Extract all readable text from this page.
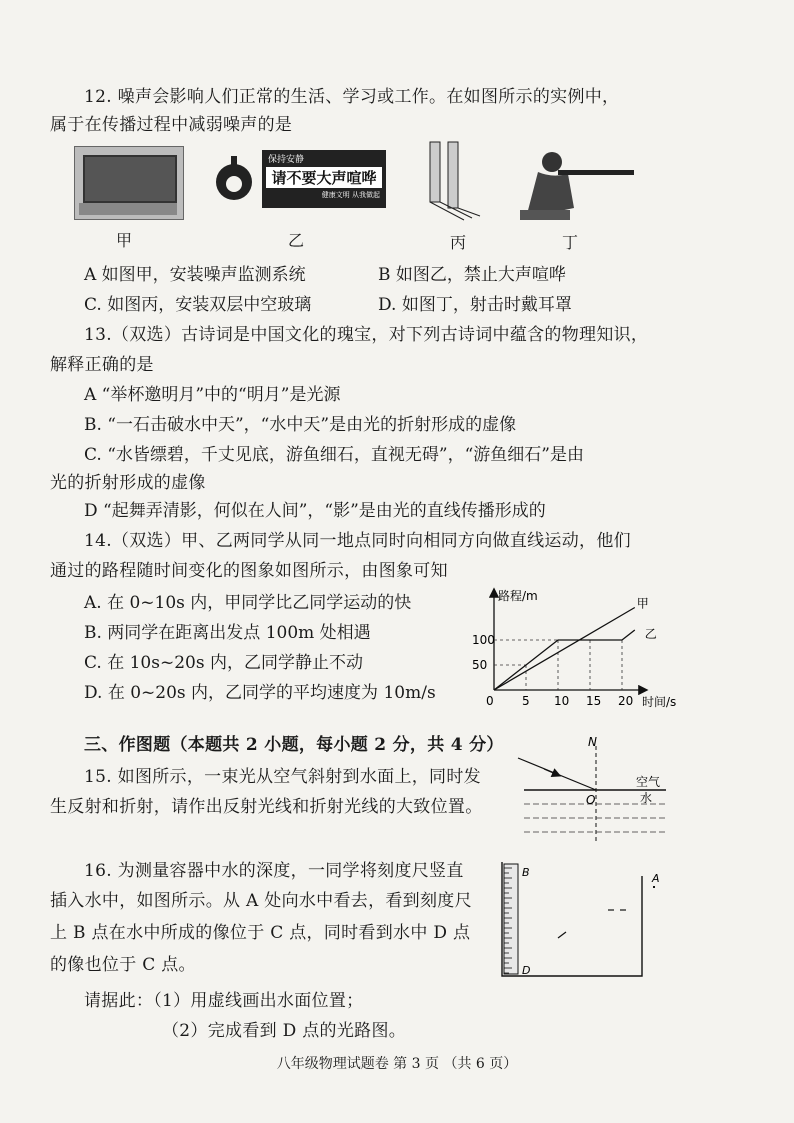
12. 噪声会影响人们正常的生活、学习或工作。在如图所示的实例中，
属于在传播过程中减弱噪声的是
保持安静
请不要大声喧哗
健康文明 从我做起
甲	乙	丙	丁
A 如图甲，安装噪声监测系统	B 如图乙，禁止大声喧哗
C. 如图丙，安装双层中空玻璃	D. 如图丁，射击时戴耳罩
13.（双选）古诗词是中国文化的瑰宝，对下列古诗词中蕴含的物理知识，
解释正确的是
A “举杯邀明月”中的“明月”是光源
B. “一石击破水中天”，“水中天”是由光的折射形成的虚像
C. “水皆缥碧，千丈见底，游鱼细石，直视无碍”，“游鱼细石”是由
光的折射形成的虚像
D “起舞弄清影，何似在人间”，“影”是由光的直线传播形成的
14.（双选）甲、乙两同学从同一地点同时向相同方向做直线运动，他们
通过的路程随时间变化的图象如图所示，由图象可知
A. 在 0~10s 内，甲同学比乙同学运动的快
B. 两同学在距离出发点 100m 处相遇
C. 在 10s~20s 内，乙同学静止不动
D. 在 0~20s 内，乙同学的平均速度为 10m/s
路程/m
时间/s
0
50
100
5 10 15 20
甲
乙
三、作图题（本题共 2 小题，每小题 2 分，共 4 分）
15. 如图所示，一束光从空气斜射到水面上，同时发
生反射和折射，请作出反射光线和折射光线的大致位置。
N
O
空气
水
16. 为测量容器中水的深度，一同学将刻度尺竖直
插入水中，如图所示。从 A 处向水中看去，看到刻度尺
上 B 点在水中所成的像位于 C 点，同时看到水中 D 点
的像也位于 C 点。
请据此：（1）用虚线画出水面位置；
（2）完成看到 D 点的光路图。
B
D
A
八年级物理试题卷 第 3 页 （共 6 页）
